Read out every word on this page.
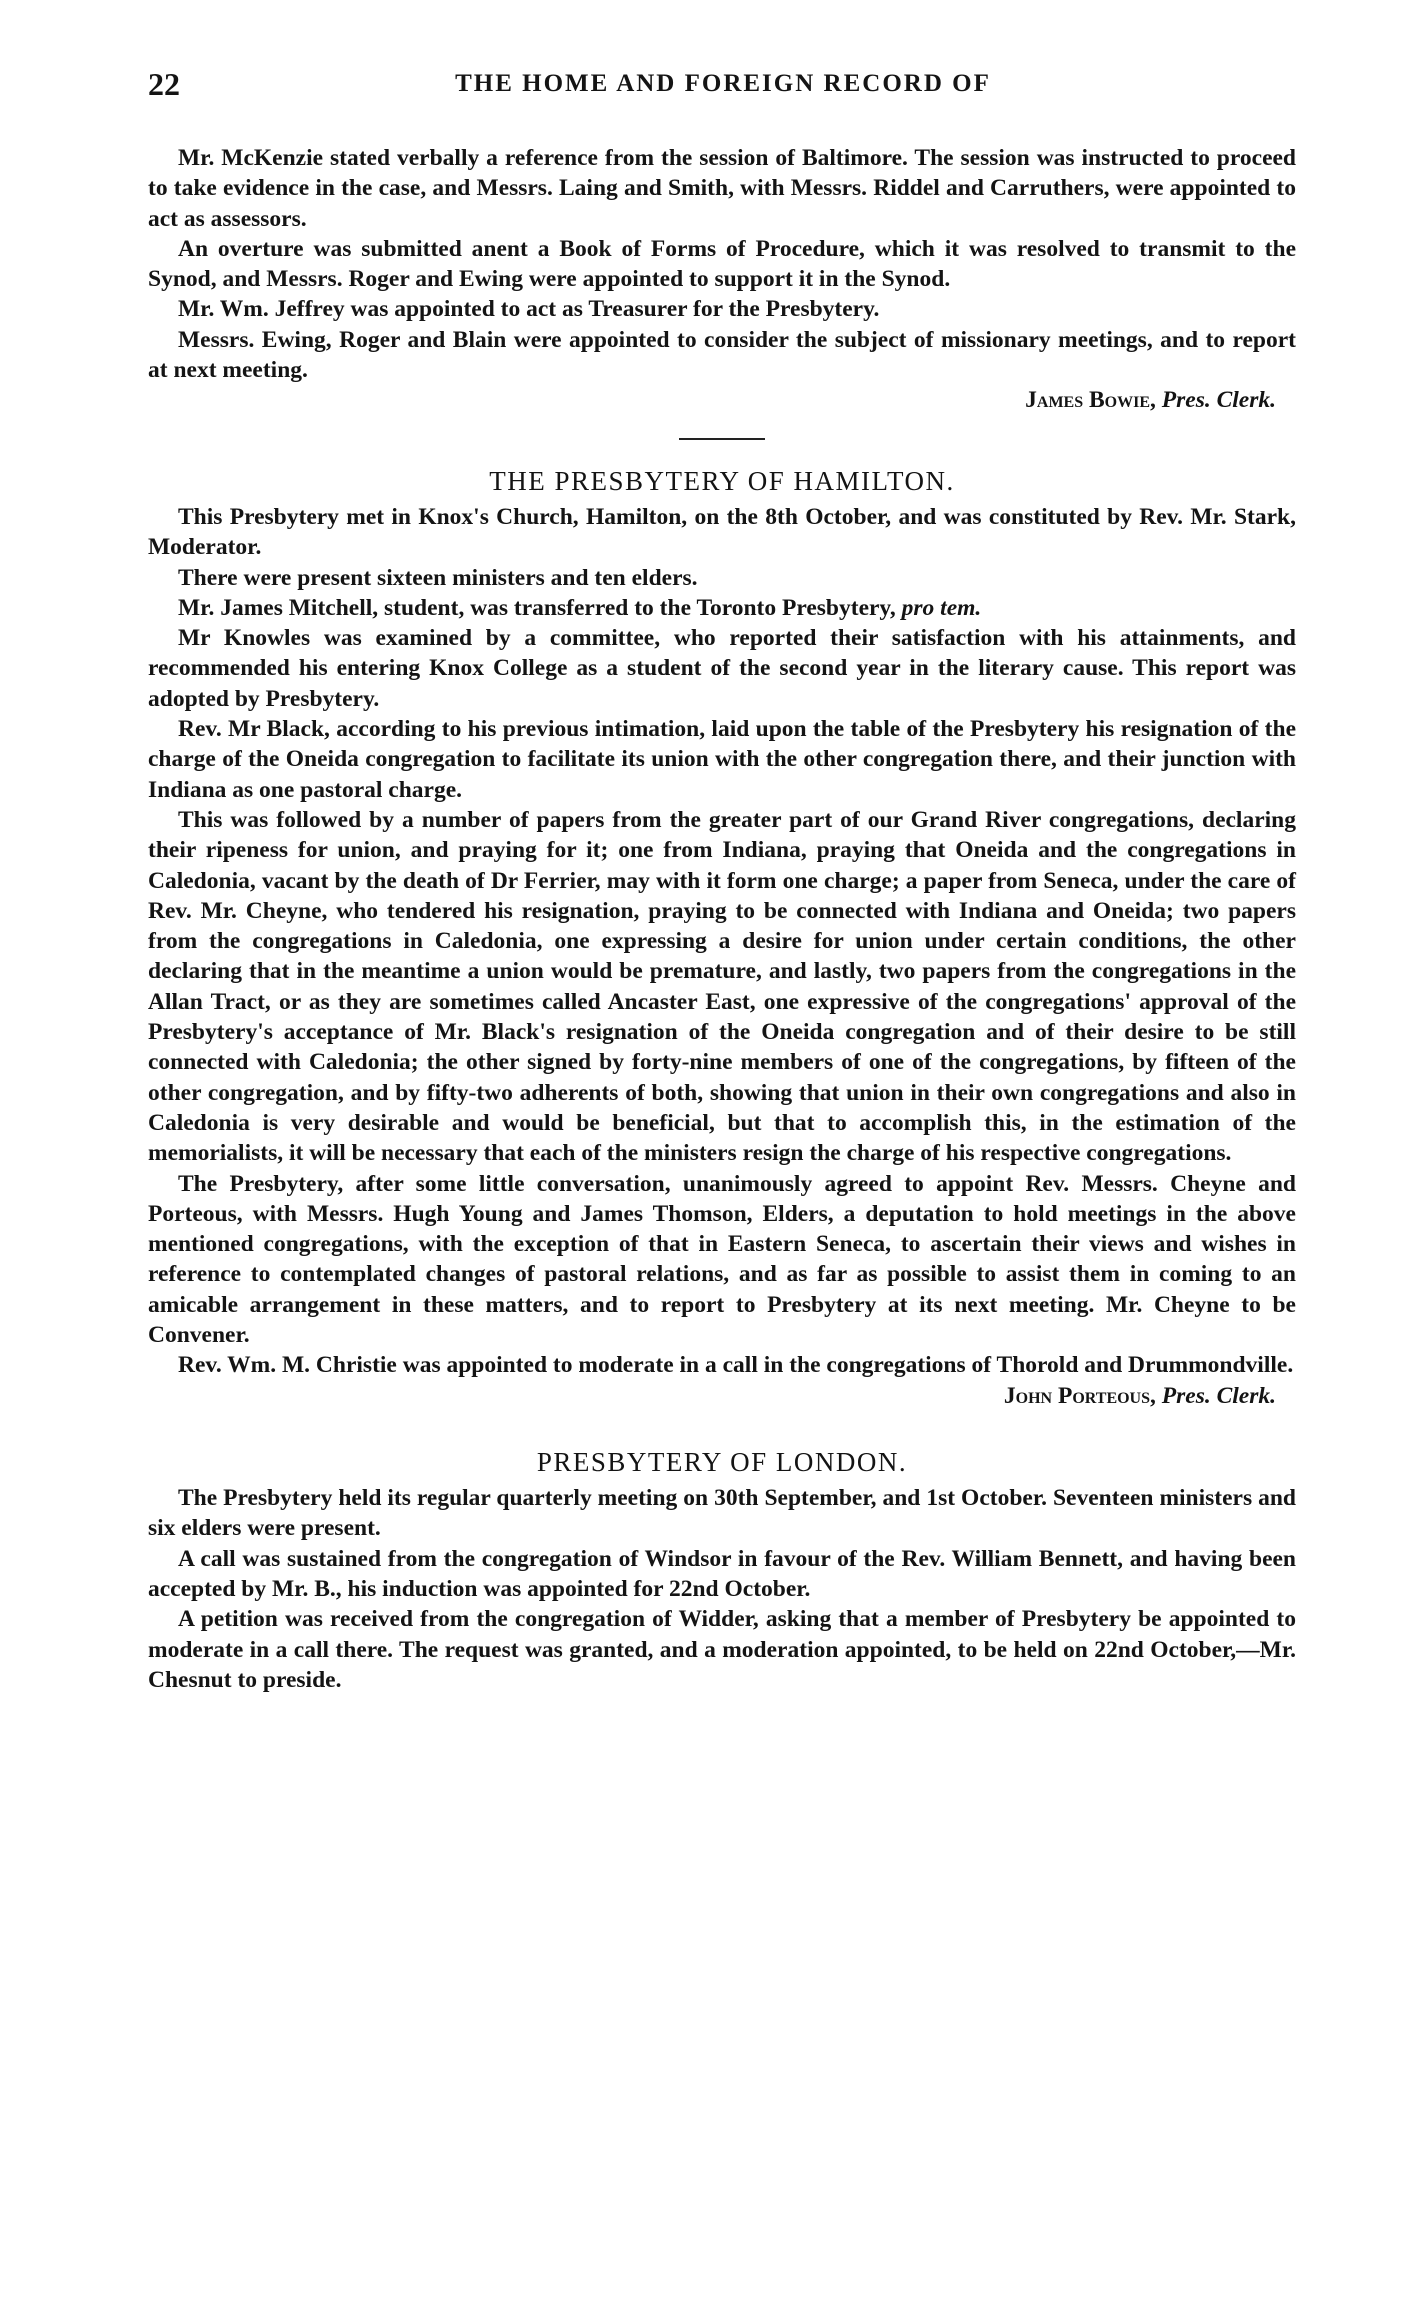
22	THE HOME AND FOREIGN RECORD OF

Mr. McKenzie stated verbally a reference from the session of Baltimore. The session was instructed to proceed to take evidence in the case, and Messrs. Laing and Smith, with Messrs. Riddel and Carruthers, were appointed to act as assessors.

An overture was submitted anent a Book of Forms of Procedure, which it was resolved to transmit to the Synod, and Messrs. Roger and Ewing were appointed to support it in the Synod.

Mr. Wm. Jeffrey was appointed to act as Treasurer for the Presbytery.

Messrs. Ewing, Roger and Blain were appointed to consider the subject of missionary meetings, and to report at next meeting.

James Bowie, Pres. Clerk.

THE PRESBYTERY OF HAMILTON.

This Presbytery met in Knox's Church, Hamilton, on the 8th October, and was constituted by Rev. Mr. Stark, Moderator.

There were present sixteen ministers and ten elders.

Mr. James Mitchell, student, was transferred to the Toronto Presbytery, pro tem.

Mr Knowles was examined by a committee, who reported their satisfaction with his attainments, and recommended his entering Knox College as a student of the second year in the literary cause. This report was adopted by Presbytery.

Rev. Mr Black, according to his previous intimation, laid upon the table of the Presbytery his resignation of the charge of the Oneida congregation to facilitate its union with the other congregation there, and their junction with Indiana as one pastoral charge.

This was followed by a number of papers from the greater part of our Grand River congregations, declaring their ripeness for union, and praying for it; one from Indiana, praying that Oneida and the congregations in Caledonia, vacant by the death of Dr Ferrier, may with it form one charge; a paper from Seneca, under the care of Rev. Mr. Cheyne, who tendered his resignation, praying to be connected with Indiana and Oneida; two papers from the congregations in Caledonia, one expressing a desire for union under certain conditions, the other declaring that in the meantime a union would be premature, and lastly, two papers from the congregations in the Allan Tract, or as they are sometimes called Ancaster East, one expressive of the congregations' approval of the Presbytery's acceptance of Mr. Black's resignation of the Oneida congregation and of their desire to be still connected with Caledonia; the other signed by forty-nine members of one of the congregations, by fifteen of the other congregation, and by fifty-two adherents of both, showing that union in their own congregations and also in Caledonia is very desirable and would be beneficial, but that to accomplish this, in the estimation of the memorialists, it will be necessary that each of the ministers resign the charge of his respective congregations.

The Presbytery, after some little conversation, unanimously agreed to appoint Rev. Messrs. Cheyne and Porteous, with Messrs. Hugh Young and James Thomson, Elders, a deputation to hold meetings in the above mentioned congregations, with the exception of that in Eastern Seneca, to ascertain their views and wishes in reference to contemplated changes of pastoral relations, and as far as possible to assist them in coming to an amicable arrangement in these matters, and to report to Presbytery at its next meeting. Mr. Cheyne to be Convener.

Rev. Wm. M. Christie was appointed to moderate in a call in the congregations of Thorold and Drummondville.

John Porteous, Pres. Clerk.

PRESBYTERY OF LONDON.

The Presbytery held its regular quarterly meeting on 30th September, and 1st October. Seventeen ministers and six elders were present.

A call was sustained from the congregation of Windsor in favour of the Rev. William Bennett, and having been accepted by Mr. B., his induction was appointed for 22nd October.

A petition was received from the congregation of Widder, asking that a member of Presbytery be appointed to moderate in a call there. The request was granted, and a moderation appointed, to be held on 22nd October,—Mr. Chesnut to preside.
